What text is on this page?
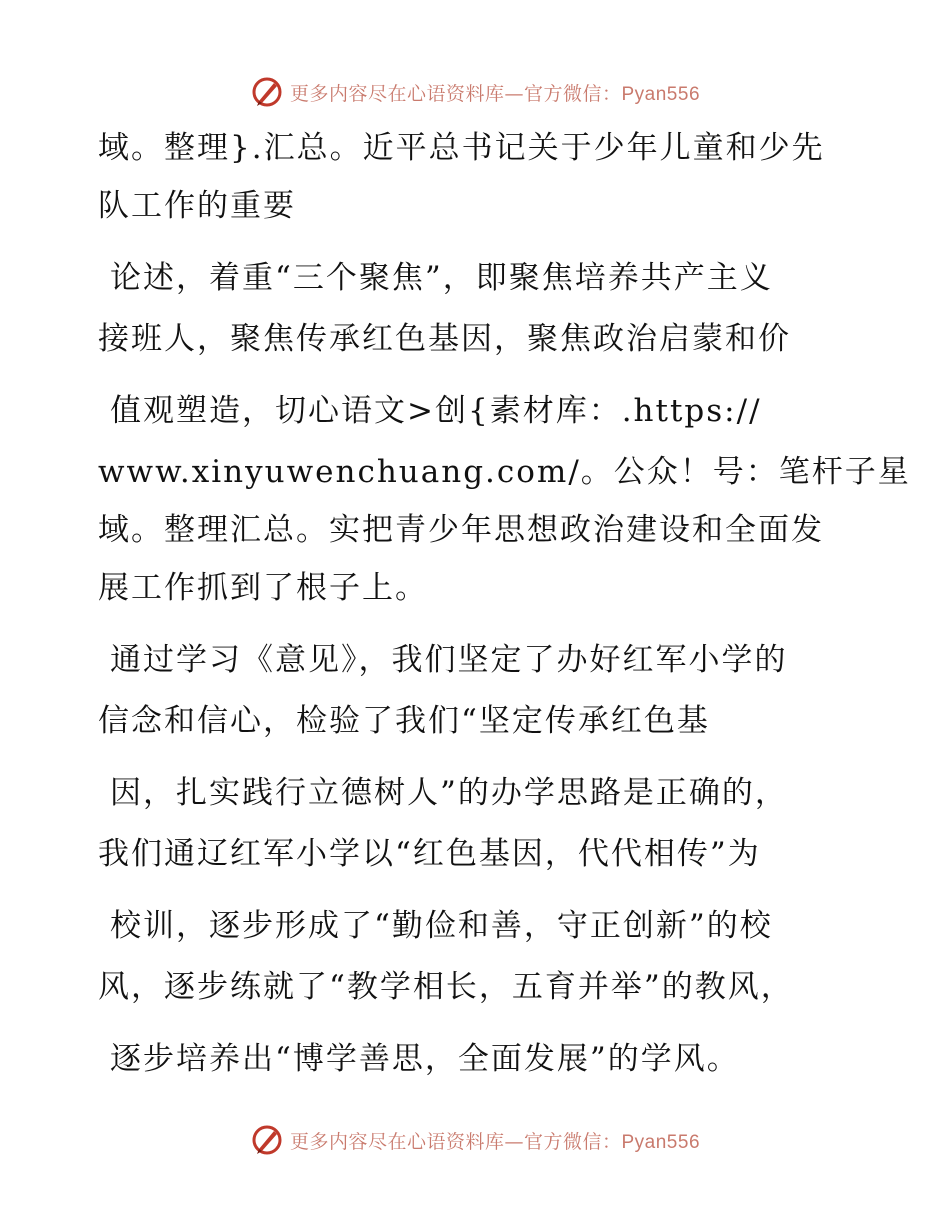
更多内容尽在心语资料库—官方微信：Pyan556
域。整理}.汇总。近平总书记关于少年儿童和少先
队工作的重要
论述，着重“三个聚焦”，即聚焦培养共产主义
接班人，聚焦传承红色基因，聚焦政治启蒙和价
值观塑造，切心语文>创{素材库：.https://
www.xinyuwenchuang.com/。公众！号：笔杆子星
域。整理汇总。实把青少年思想政治建设和全面发
展工作抓到了根子上。
通过学习《意见》，我们坚定了办好红军小学的
信念和信心，检验了我们“坚定传承红色基
因，扎实践行立德树人”的办学思路是正确的，
我们通辽红军小学以“红色基因，代代相传”为
校训，逐步形成了“勤俭和善，守正创新”的校
风，逐步练就了“教学相长，五育并举”的教风，
逐步培养出“博学善思，全面发展”的学风。
更多内容尽在心语资料库—官方微信：Pyan556
